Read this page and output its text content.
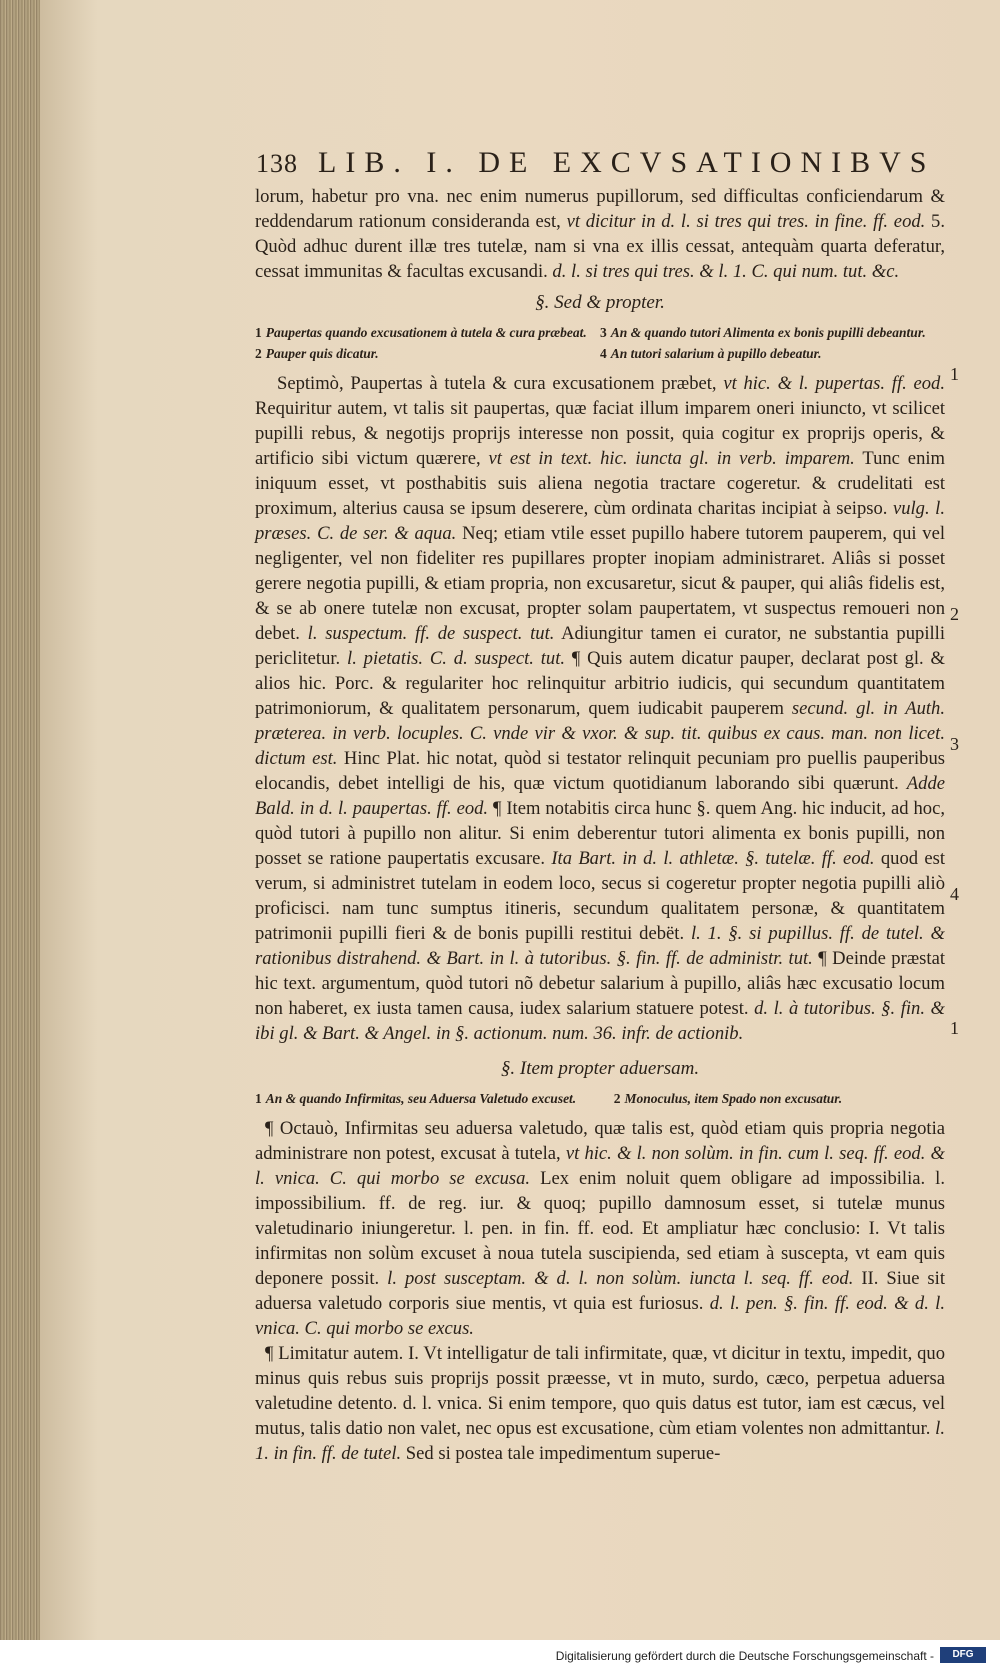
138 LIB. I. DE EXCVSATIONIBVS

lorum, habetur pro vna. nec enim numerus pupillorum, sed difficultas conficiendarum & reddendarum rationum consideranda est, vt dicitur in d. l. si tres qui tres. in fine. ff. eod. 5. Quòd adhuc durent illæ tres tutelæ, nam si vna ex illis cessat, antequàm quarta deferatur, cessat immunitas & facultas excusandi. d. l. si tres qui tres. & l. 1. C. qui num. tut. &c.

§. Sed & propter.
1 Paupertas quando excusationem à tutela & cura præbeat.	3 An & quando tutori Alimenta ex bonis pupilli debeantur.
2 Pauper quis dicatur.	4 An tutori salarium à pupillo debeatur.

Septimò, Paupertas à tutela & cura excusationem præbet, vt hic. & l. pupertas. ff. eod. Requiritur autem, vt talis sit paupertas, quæ faciat illum imparem oneri iniuncto, vt scilicet pupilli rebus, & negotijs proprijs interesse non possit, quia cogitur ex proprijs operis, & artificio sibi victum quærere, vt est in text. hic. iuncta gl. in verb. imparem. Tunc enim iniquum esset, vt posthabitis suis aliena negotia tractare cogeretur. & crudelitati est proximum, alterius causa se ipsum deserere, cùm ordinata charitas incipiat à seipso. vulg. l. præses. C. de ser. & aqua. Neq; etiam vtile esset pupillo habere tutorem pauperem, qui vel negligenter, vel non fideliter res pupillares propter inopiam administraret. Aliâs si posset gerere negotia pupilli, & etiam propria, non excusaretur, sicut & pauper, qui aliâs fidelis est, & se ab onere tutelæ non excusat, propter solam paupertatem, vt suspectus remoueri non debet. l. suspectum. ff. de suspect. tut. Adiungitur tamen ei curator, ne substantia pupilli periclitetur. l. pietatis. C. d. suspect. tut. ¶ Quis autem dicatur pauper, declarat post gl. & alios hic. Porc. & regulariter hoc relinquitur arbitrio iudicis, qui secundum quantitatem patrimoniorum, & qualitatem personarum, quem iudicabit pauperem secund. gl. in Auth. præterea. in verb. locuples. C. vnde vir & vxor. & sup. tit. quibus ex caus. man. non licet. dictum est. Hinc Plat. hic notat, quòd si testator relinquit pecuniam pro puellis pauperibus elocandis, debet intelligi de his, quæ victum quotidianum laborando sibi quærunt. Adde Bald. in d. l. paupertas. ff. eod. ¶ Item notabitis circa hunc §. quem Ang. hic inducit, ad hoc, quòd tutori à pupillo non alitur. Si enim deberentur tutori alimenta ex bonis pupilli, non posset se ratione paupertatis excusare. Ita Bart. in d. l. athletæ. §. tutelæ. ff. eod. quod est verum, si administret tutelam in eodem loco, secus si cogeretur propter negotia pupilli aliò proficisci. nam tunc sumptus itineris, secundum qualitatem personæ, & quantitatem patrimonii pupilli fieri & de bonis pupilli restitui debët. l. 1. §. si pupillus. ff. de tutel. & rationibus distrahend. & Bart. in l. à tutoribus. §. fin. ff. de administr. tut. ¶ Deinde præstat hic text. argumentum, quòd tutori nõ debetur salarium à pupillo, aliâs hæc excusatio locum non haberet, ex iusta tamen causa, iudex salarium statuere potest. d. l. à tutoribus. §. fin. & ibi gl. & Bart. & Angel. in §. actionum. num. 36. infr. de actionib.

§. Item propter aduersam.
1 An & quando Infirmitas, seu Aduersa Valetudo excuset.	2 Monoculus, item Spado non excusatur.

¶ Octauò, Infirmitas seu aduersa valetudo, quæ talis est, quòd etiam quis propria negotia administrare non potest, excusat à tutela, vt hic. & l. non solùm. in fin. cum l. seq. ff. eod. & l. vnica. C. qui morbo se excusa. Lex enim noluit quem obligare ad impossibilia. l. impossibilium. ff. de reg. iur. & quoq; pupillo damnosum esset, si tutelæ munus valetudinario iniungeretur. l. pen. in fin. ff. eod. Et ampliatur hæc conclusio: I. Vt talis infirmitas non solùm excuset à noua tutela suscipienda, sed etiam à suscepta, vt eam quis deponere possit. l. post susceptam. & d. l. non solùm. iuncta l. seq. ff. eod. II. Siue sit aduersa valetudo corporis siue mentis, vt quia est furiosus. d. l. pen. §. fin. ff. eod. & d. l. vnica. C. qui morbo se excus.

¶ Limitatur autem. I. Vt intelligatur de tali infirmitate, quæ, vt dicitur in textu, impedit, quo minus quis rebus suis proprijs possit præesse, vt in muto, surdo, cæco, perpetua aduersa valetudine detento. d. l. vnica. Si enim tempore, quo quis datus est tutor, iam est cæcus, vel mutus, talis datio non valet, nec opus est excusatione, cùm etiam volentes non admittantur. l. 1. in fin. ff. de tutel. Sed si postea tale impedimentum superue-

1
2
3
4
1
Digitalisierung gefördert durch die Deutsche Forschungsgemeinschaft -	DFG
